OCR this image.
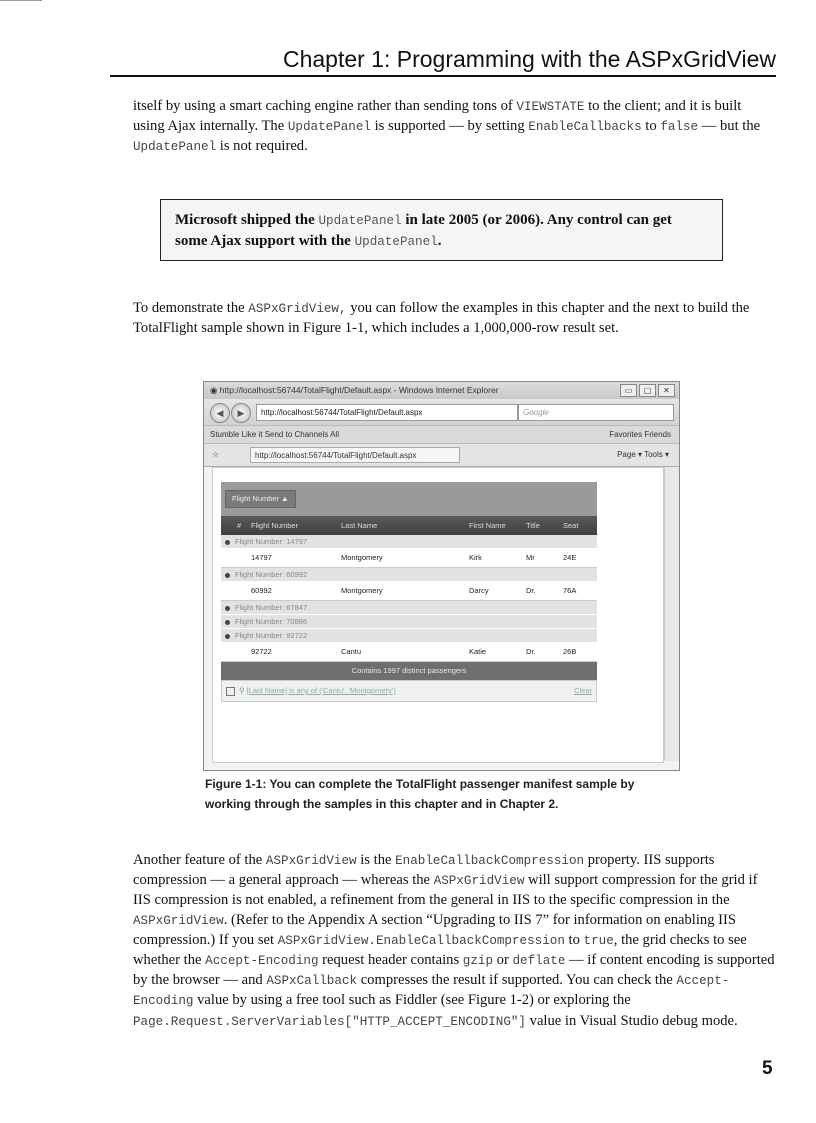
Chapter 1: Programming with the ASPxGridView

itself by using a smart caching engine rather than sending tons of VIEWSTATE to the client; and it is built using Ajax internally. The UpdatePanel is supported — by setting EnableCallbacks to false — but the UpdatePanel is not required.

Microsoft shipped the UpdatePanel in late 2005 (or 2006). Any control can get some Ajax support with the UpdatePanel.

To demonstrate the ASPxGridView, you can follow the examples in this chapter and the next to build the TotalFlight sample shown in Figure 1-1, which includes a 1,000,000-row result set.

◉ http://localhost:56744/TotalFlight/Default.aspx - Windows Internet Explorer	▭	▢	✕
◀	▶	http://localhost:56744/TotalFlight/Default.aspx	Google
Stumble Like it Send to Channels All	Favorites Friends
☆	http://localhost:56744/TotalFlight/Default.aspx	Page ▾ Tools ▾
Flight Number ▲
# Flight Number	Last Name	First Name	Title	Seat
Flight Number: 14797
14797	Montgomery	Kirk	Mr	24E
Flight Number: 60992
60992	Montgomery	Darcy	Dr.	76A
Flight Number: 67847
Flight Number: 70886
Flight Number: 92722
92722	Cantu	Katie	Dr.	26B
Contains 1997 distinct passengers
⚲ [Last Name] is any of ('Cantu', 'Montgomery')	Clear
Figure 1-1: You can complete the TotalFlight passenger manifest sample by working through the samples in this chapter and in Chapter 2.

Another feature of the ASPxGridView is the EnableCallbackCompression property. IIS supports compression — a general approach — whereas the ASPxGridView will support compression for the grid if IIS compression is not enabled, a refinement from the general in IIS to the specific compression in the ASPxGridView. (Refer to the Appendix A section “Upgrading to IIS 7” for information on enabling IIS compression.) If you set ASPxGridView.EnableCallbackCompression to true, the grid checks to see whether the Accept-Encoding request header contains gzip or deflate — if content encoding is supported by the browser — and ASPxCallback compresses the result if supported. You can check the Accept-Encoding value by using a free tool such as Fiddler (see Figure 1-2) or exploring the Page.Request.ServerVariables["HTTP_ACCEPT_ENCODING"] value in Visual Studio debug mode.

5
